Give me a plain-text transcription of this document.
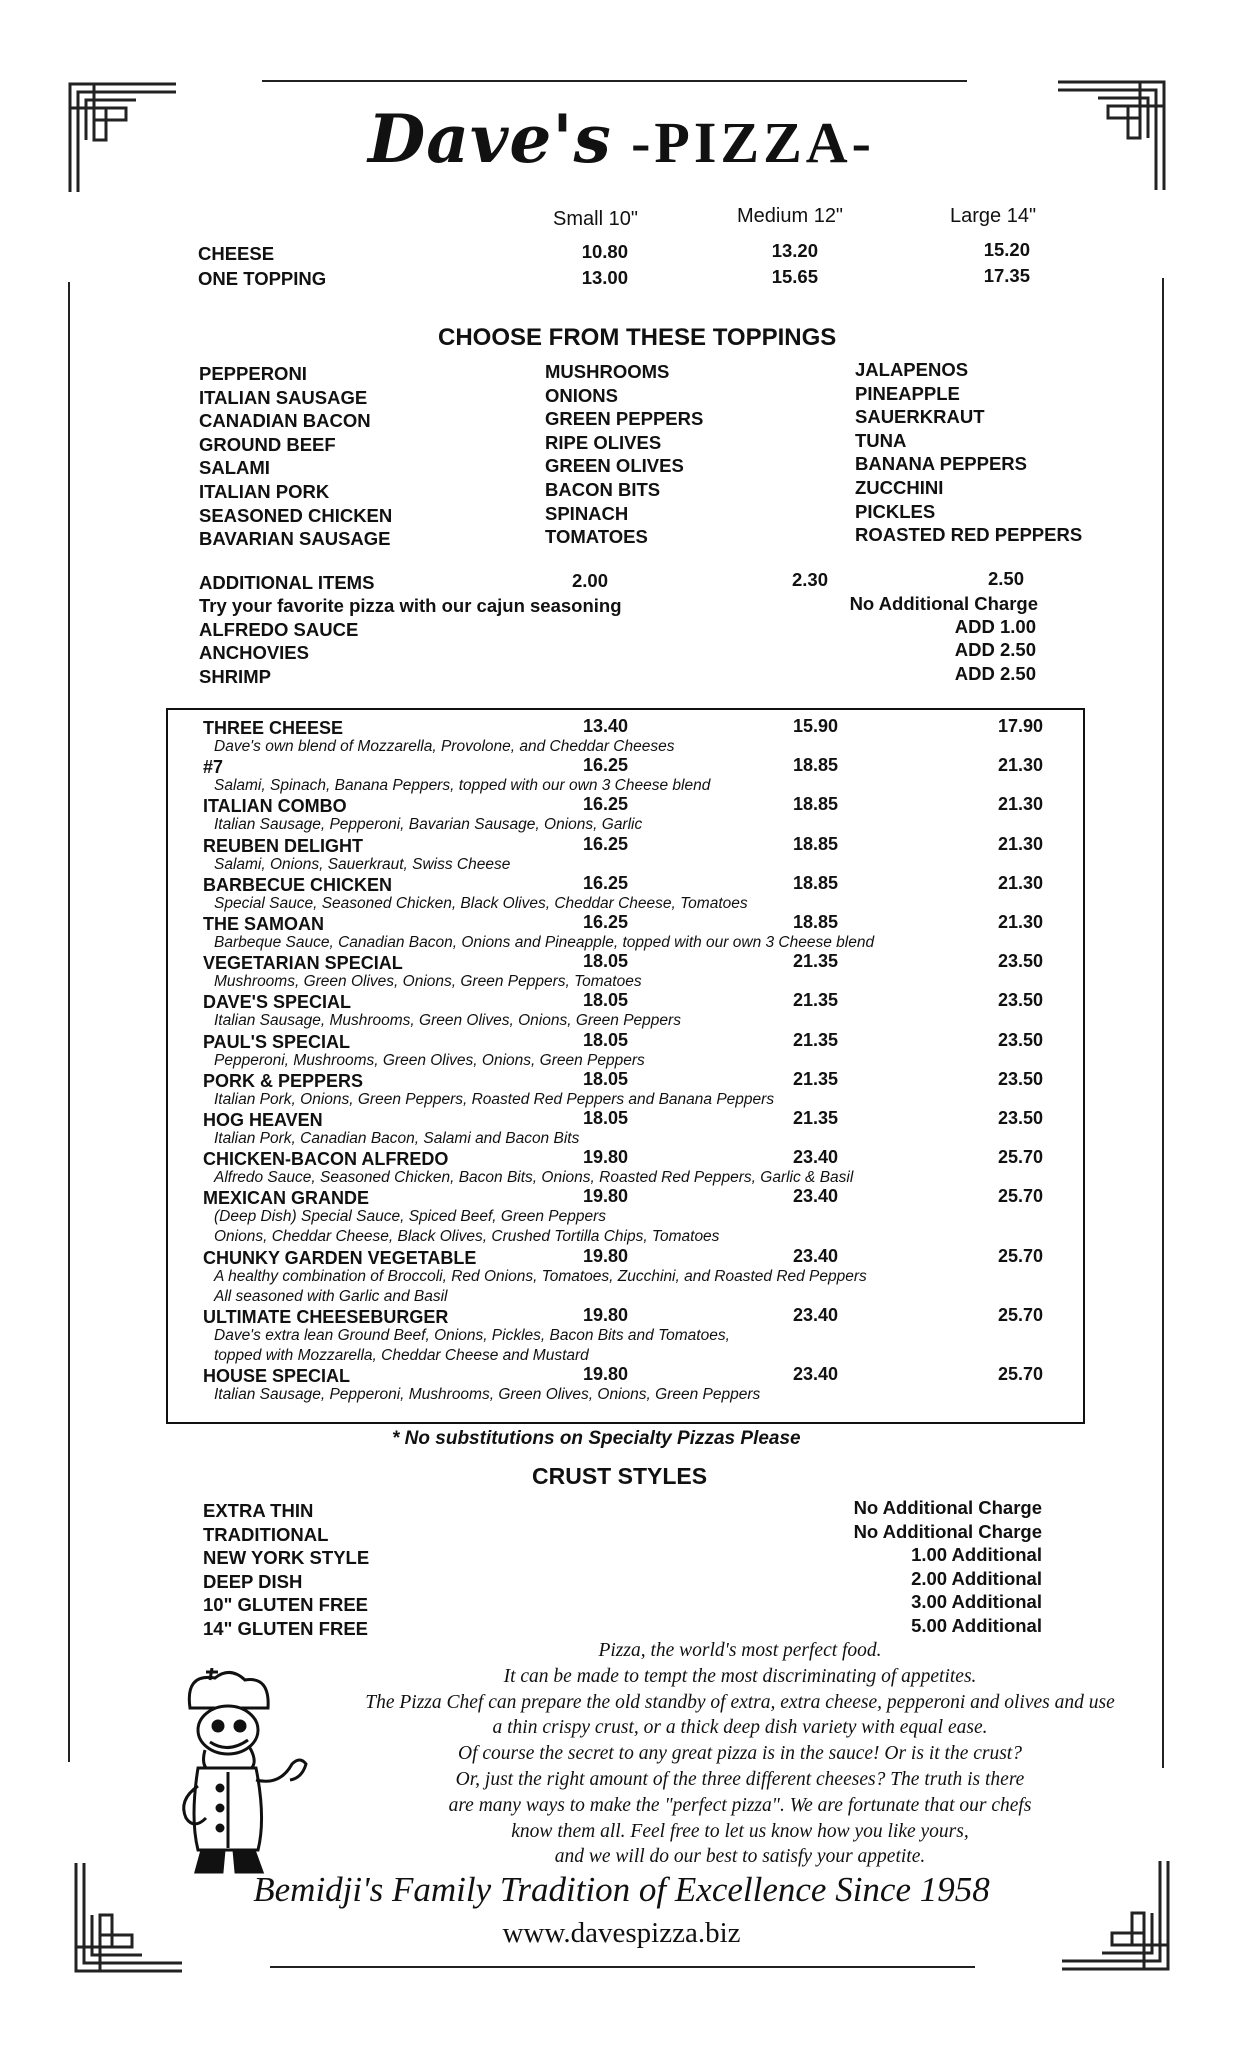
Dave's -PIZZA-
Small 10"	Medium 12"	Large 14"
CHEESE	10.80	13.20	15.20
ONE TOPPING	13.00	15.65	17.35
CHOOSE FROM THESE TOPPINGS
PEPPERONI
ITALIAN SAUSAGE
CANADIAN BACON
GROUND BEEF
SALAMI
ITALIAN PORK
SEASONED CHICKEN
BAVARIAN SAUSAGE
MUSHROOMS
ONIONS
GREEN PEPPERS
RIPE OLIVES
GREEN OLIVES
BACON BITS
SPINACH
TOMATOES
JALAPENOS
PINEAPPLE
SAUERKRAUT
TUNA
BANANA PEPPERS
ZUCCHINI
PICKLES
ROASTED RED PEPPERS
ADDITIONAL ITEMS	2.00	2.30	2.50
Try your favorite pizza with our cajun seasoning	No Additional Charge
ALFREDO SAUCE	ADD 1.00
ANCHOVIES	ADD 2.50
SHRIMP	ADD 2.50
THREE CHEESE	13.40	15.90	17.90
Dave's own blend of Mozzarella, Provolone, and Cheddar Cheeses
#7	16.25	18.85	21.30
Salami, Spinach, Banana Peppers, topped with our own 3 Cheese blend
ITALIAN COMBO	16.25	18.85	21.30
Italian Sausage, Pepperoni, Bavarian Sausage, Onions, Garlic
REUBEN DELIGHT	16.25	18.85	21.30
Salami, Onions, Sauerkraut, Swiss Cheese
BARBECUE CHICKEN	16.25	18.85	21.30
Special Sauce, Seasoned Chicken, Black Olives, Cheddar Cheese, Tomatoes
THE SAMOAN	16.25	18.85	21.30
Barbeque Sauce, Canadian Bacon, Onions and Pineapple, topped with our own 3 Cheese blend
VEGETARIAN SPECIAL	18.05	21.35	23.50
Mushrooms, Green Olives, Onions, Green Peppers, Tomatoes
DAVE'S SPECIAL	18.05	21.35	23.50
Italian Sausage, Mushrooms, Green Olives, Onions, Green Peppers
PAUL'S SPECIAL	18.05	21.35	23.50
Pepperoni, Mushrooms, Green Olives, Onions, Green Peppers
PORK & PEPPERS	18.05	21.35	23.50
Italian Pork, Onions, Green Peppers, Roasted Red Peppers and Banana Peppers
HOG HEAVEN	18.05	21.35	23.50
Italian Pork, Canadian Bacon, Salami and Bacon Bits
CHICKEN-BACON ALFREDO	19.80	23.40	25.70
Alfredo Sauce, Seasoned Chicken, Bacon Bits, Onions, Roasted Red Peppers, Garlic & Basil
MEXICAN GRANDE	19.80	23.40	25.70
(Deep Dish) Special Sauce, Spiced Beef, Green Peppers
Onions, Cheddar Cheese, Black Olives, Crushed Tortilla Chips, Tomatoes
CHUNKY GARDEN VEGETABLE	19.80	23.40	25.70
A healthy combination of Broccoli, Red Onions, Tomatoes, Zucchini, and Roasted Red Peppers
All seasoned with Garlic and Basil
ULTIMATE CHEESEBURGER	19.80	23.40	25.70
Dave's extra lean Ground Beef, Onions, Pickles, Bacon Bits and Tomatoes,
topped with Mozzarella, Cheddar Cheese and Mustard
HOUSE SPECIAL	19.80	23.40	25.70
Italian Sausage, Pepperoni, Mushrooms, Green Olives, Onions, Green Peppers
* No substitutions on Specialty Pizzas Please
CRUST STYLES
EXTRA THIN	No Additional Charge
TRADITIONAL	No Additional Charge
NEW YORK STYLE	1.00 Additional
DEEP DISH	2.00 Additional
10" GLUTEN FREE	3.00 Additional
14" GLUTEN FREE	5.00 Additional
Pizza, the world's most perfect food.
It can be made to tempt the most discriminating of appetites.
The Pizza Chef can prepare the old standby of extra, extra cheese, pepperoni and olives and use
a thin crispy crust, or a thick deep dish variety with equal ease.
Of course the secret to any great pizza is in the sauce! Or is it the crust?
Or, just the right amount of the three different cheeses? The truth is there
are many ways to make the "perfect pizza". We are fortunate that our chefs
know them all. Feel free to let us know how you like yours,
and we will do our best to satisfy your appetite.
Bemidji's Family Tradition of Excellence Since 1958
www.davespizza.biz
